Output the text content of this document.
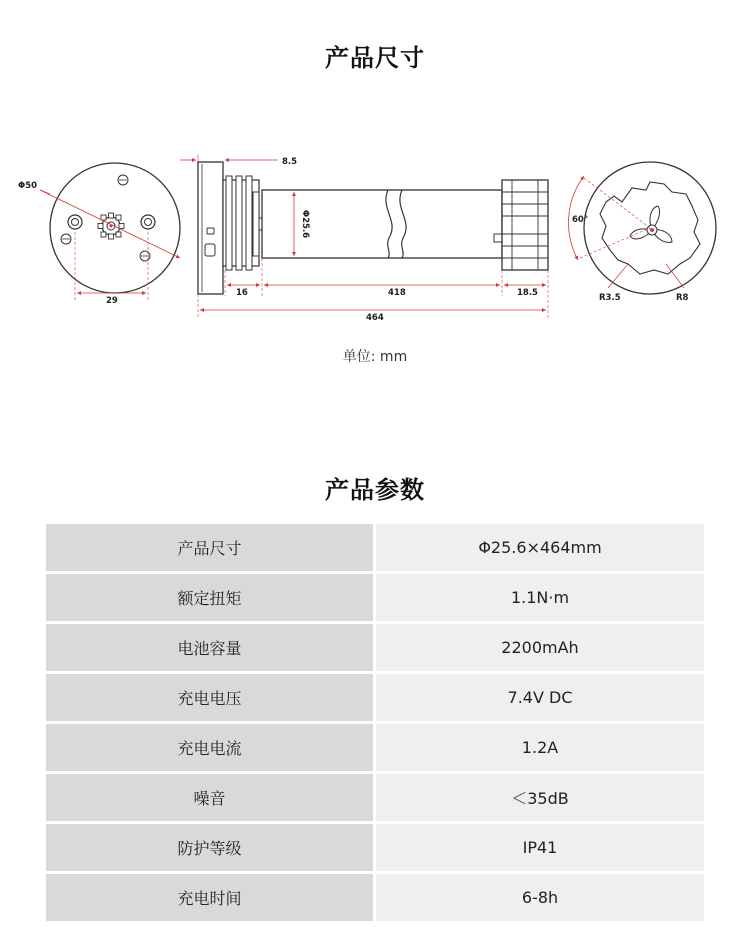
产品尺寸
Φ50
29
8.5
Φ25.6
16	418	18.5
464
60°
R3.5	R8
单位: mm
产品参数
产品尺寸	Φ25.6×464mm
额定扭矩	1.1N·m
电池容量	2200mAh
充电电压	7.4V DC
充电电流	1.2A
噪音	＜35dB
防护等级	IP41
充电时间	6-8h
